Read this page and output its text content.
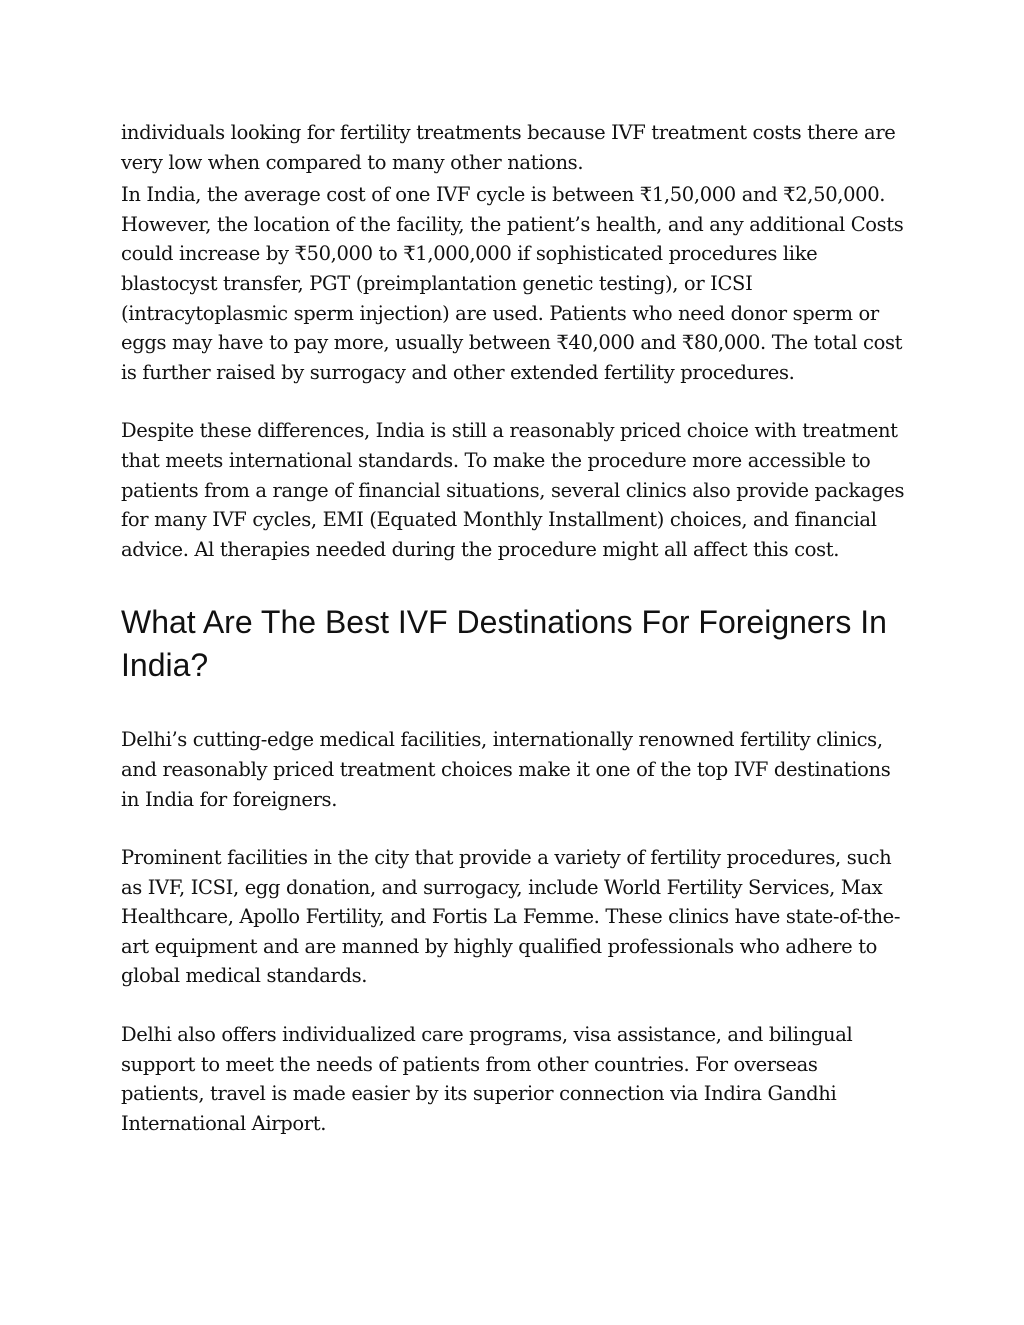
individuals looking for fertility treatments because IVF treatment costs there are very low when compared to many other nations.

In India, the average cost of one IVF cycle is between ₹1,50,000 and ₹2,50,000. However, the location of the facility, the patient’s health, and any additional Costs could increase by ₹50,000 to ₹1,000,000 if sophisticated procedures like blastocyst transfer, PGT (preimplantation genetic testing), or ICSI (intracytoplasmic sperm injection) are used. Patients who need donor sperm or eggs may have to pay more, usually between ₹40,000 and ₹80,000. The total cost is further raised by surrogacy and other extended fertility procedures.

Despite these differences, India is still a reasonably priced choice with treatment that meets international standards. To make the procedure more accessible to patients from a range of financial situations, several clinics also provide packages for many IVF cycles, EMI (Equated Monthly Installment) choices, and financial advice. Al therapies needed during the procedure might all affect this cost.

What Are The Best IVF Destinations For Foreigners In India?

Delhi’s cutting-edge medical facilities, internationally renowned fertility clinics, and reasonably priced treatment choices make it one of the top IVF destinations in India for foreigners.

Prominent facilities in the city that provide a variety of fertility procedures, such as IVF, ICSI, egg donation, and surrogacy, include World Fertility Services, Max Healthcare, Apollo Fertility, and Fortis La Femme. These clinics have state-of-the-art equipment and are manned by highly qualified professionals who adhere to global medical standards.

Delhi also offers individualized care programs, visa assistance, and bilingual support to meet the needs of patients from other countries. For overseas patients, travel is made easier by its superior connection via Indira Gandhi International Airport.
